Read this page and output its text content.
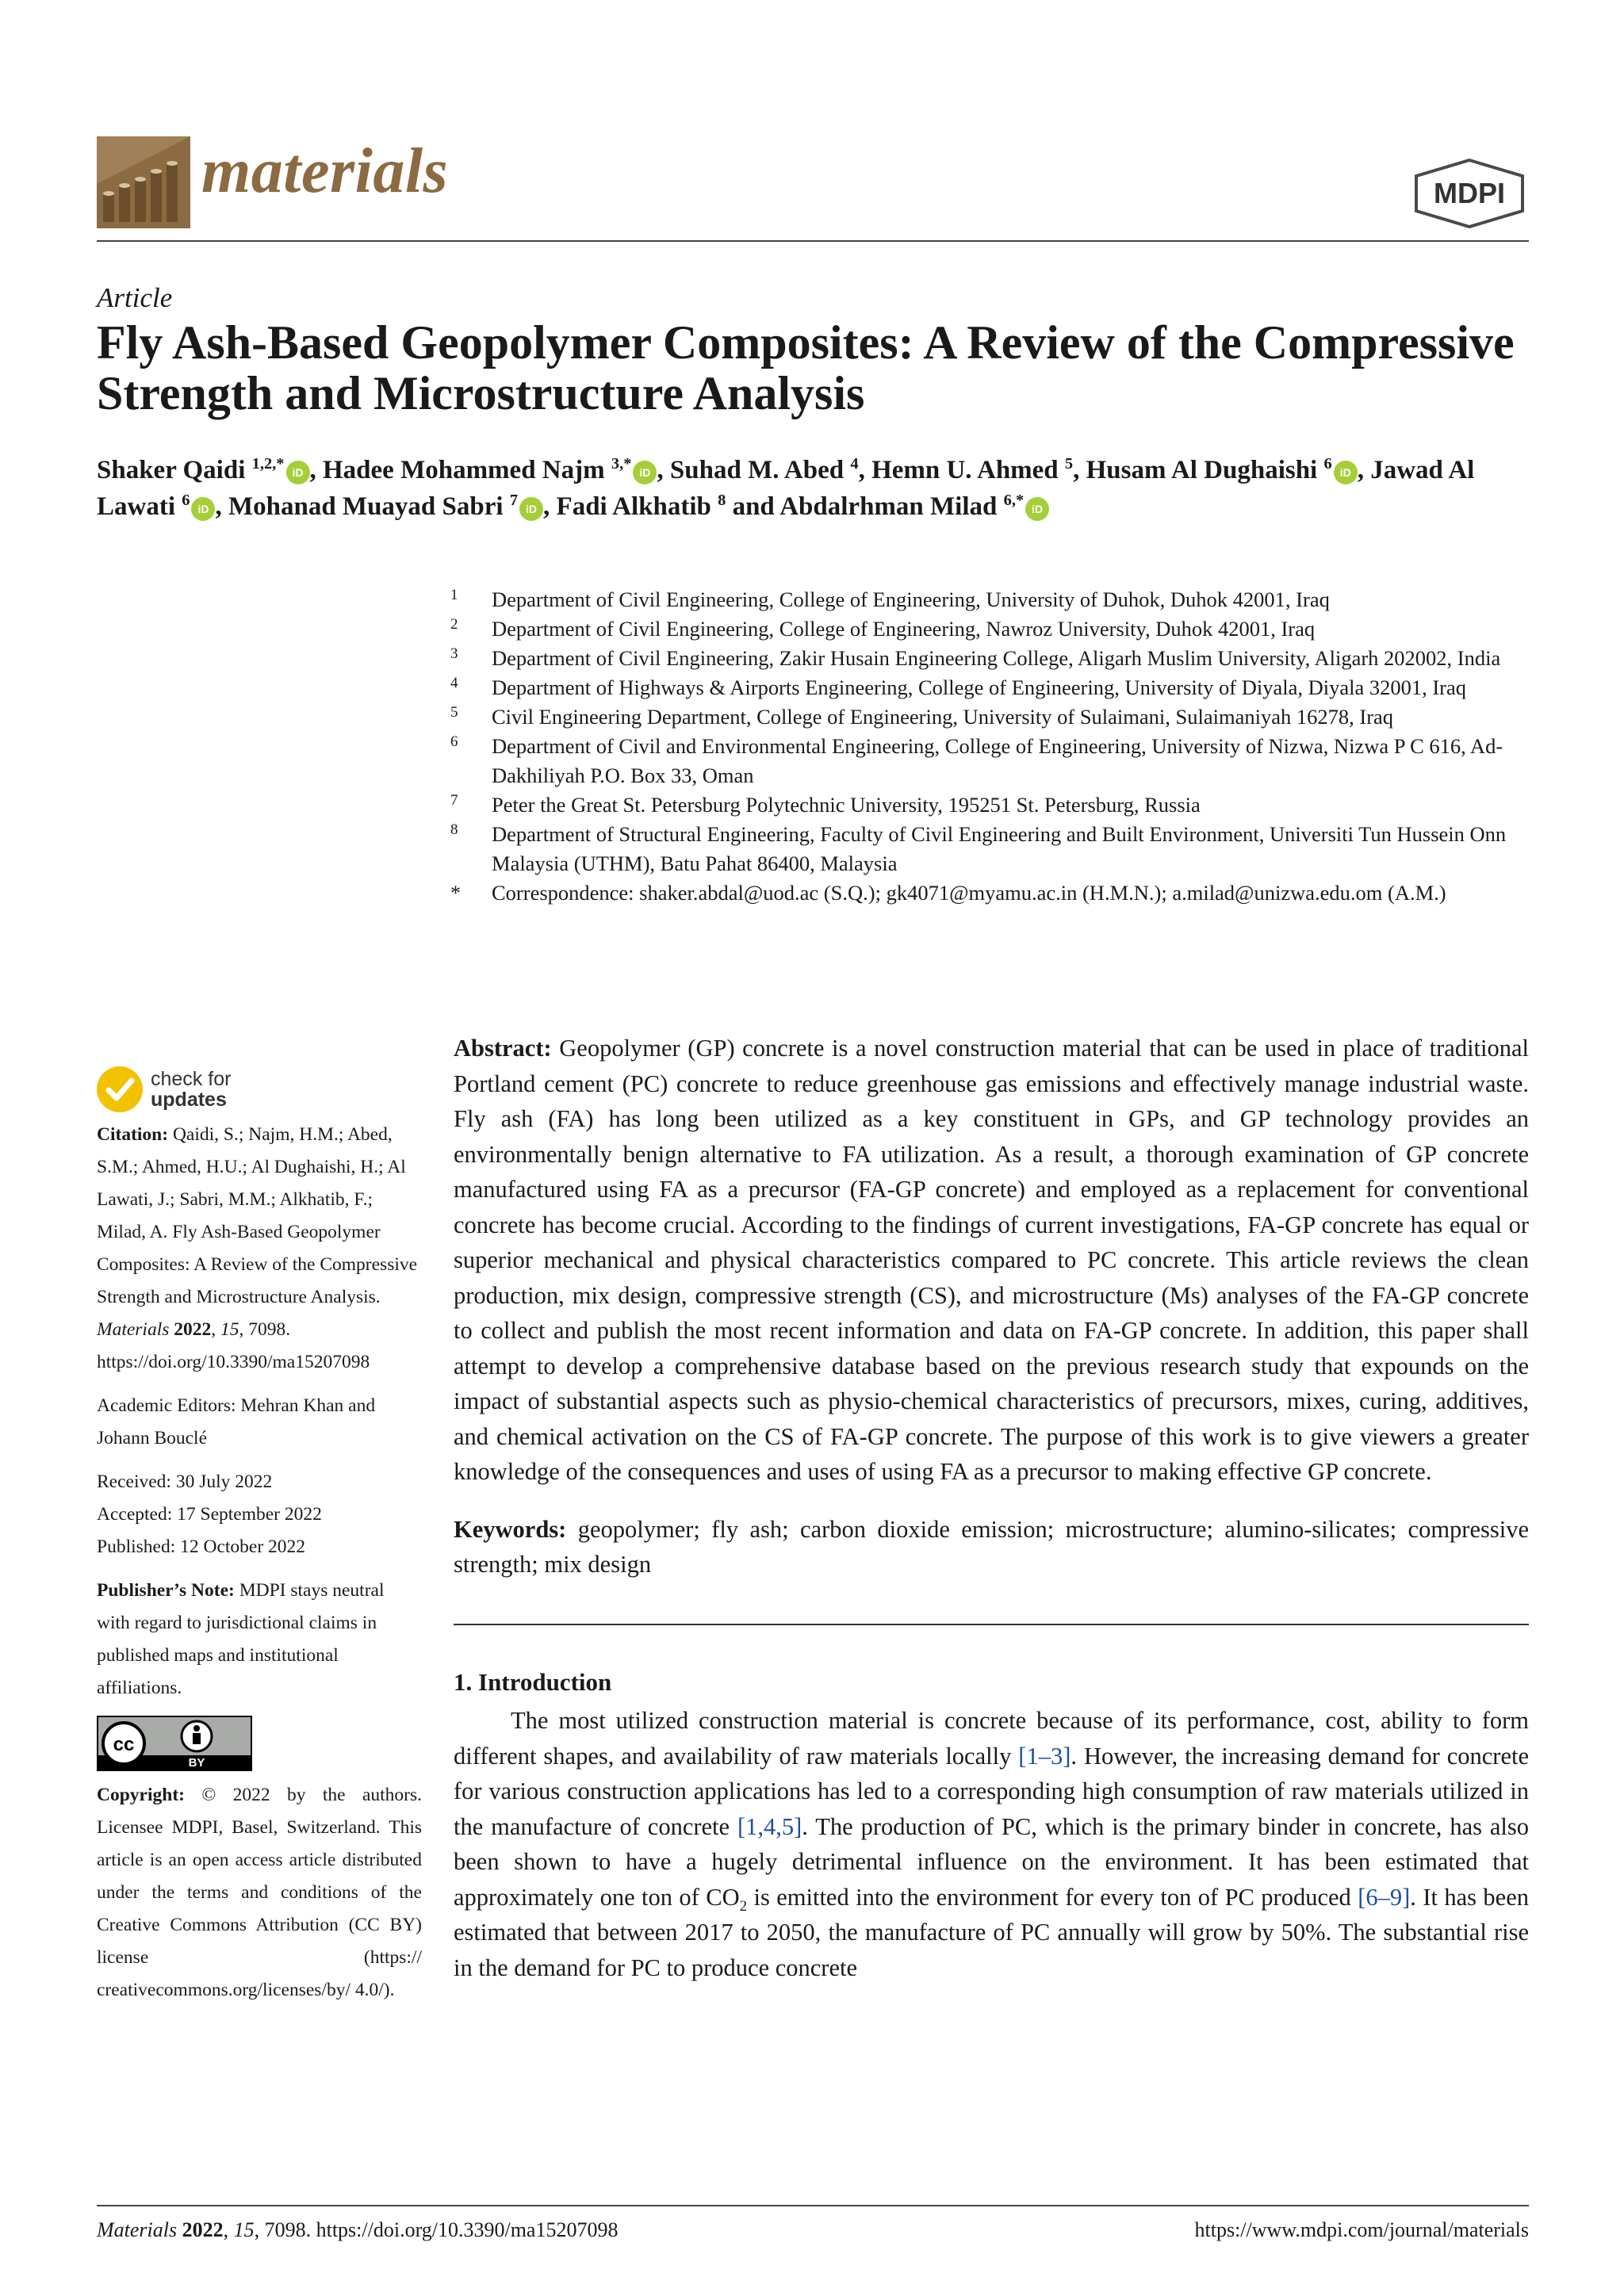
materials	MDPI
Article
Fly Ash-Based Geopolymer Composites: A Review of the Compressive Strength and Microstructure Analysis
Shaker Qaidi $^{1,2,*}$ iD , Hadee Mohammed Najm $^{3,*}$ iD , Suhad M. Abed $^4$, Hemn U. Ahmed $^5$, Husam Al Dughaishi $^6$ iD , Jawad Al Lawati $^6$ iD , Mohanad Muayad Sabri $^7$ iD , Fadi Alkhatib $^8$ and Abdalrhman Milad $^{6,*}$ iD
1 Department of Civil Engineering, College of Engineering, University of Duhok, Duhok 42001, Iraq
2 Department of Civil Engineering, College of Engineering, Nawroz University, Duhok 42001, Iraq
3 Department of Civil Engineering, Zakir Husain Engineering College, Aligarh Muslim University, Aligarh 202002, India
4 Department of Highways & Airports Engineering, College of Engineering, University of Diyala, Diyala 32001, Iraq
5 Civil Engineering Department, College of Engineering, University of Sulaimani, Sulaimaniyah 16278, Iraq
6 Department of Civil and Environmental Engineering, College of Engineering, University of Nizwa, Nizwa P C 616, Ad-Dakhiliyah P.O. Box 33, Oman
7 Peter the Great St. Petersburg Polytechnic University, 195251 St. Petersburg, Russia
8 Department of Structural Engineering, Faculty of Civil Engineering and Built Environment, Universiti Tun Hussein Onn Malaysia (UTHM), Batu Pahat 86400, Malaysia
* Correspondence: shaker.abdal@uod.ac (S.Q.); gk4071@myamu.ac.in (H.M.N.); a.milad@unizwa.edu.om (A.M.)
check for
updates
Citation: Qaidi, S.; Najm, H.M.; Abed, S.M.; Ahmed, H.U.; Al Dughaishi, H.; Al Lawati, J.; Sabri, M.M.; Alkhatib, F.; Milad, A. Fly Ash-Based Geopolymer Composites: A Review of the Compressive Strength and Microstructure Analysis. Materials 2022, 15, 7098. https://doi.org/10.3390/ma15207098
Academic Editors: Mehran Khan and Johann Bouclé
Received: 30 July 2022
Accepted: 17 September 2022
Published: 12 October 2022
Publisher’s Note: MDPI stays neutral with regard to jurisdictional claims in published maps and institutional affiliations.
cc
BY
Copyright: © 2022 by the authors. Licensee MDPI, Basel, Switzerland. This article is an open access article distributed under the terms and conditions of the Creative Commons Attribution (CC BY) license (https:// creativecommons.org/licenses/by/ 4.0/).
Abstract: Geopolymer (GP) concrete is a novel construction material that can be used in place of traditional Portland cement (PC) concrete to reduce greenhouse gas emissions and effectively manage industrial waste. Fly ash (FA) has long been utilized as a key constituent in GPs, and GP technology provides an environmentally benign alternative to FA utilization. As a result, a thorough examination of GP concrete manufactured using FA as a precursor (FA-GP concrete) and employed as a replacement for conventional concrete has become crucial. According to the findings of current investigations, FA-GP concrete has equal or superior mechanical and physical characteristics compared to PC concrete. This article reviews the clean production, mix design, compressive strength (CS), and microstructure (Ms) analyses of the FA-GP concrete to collect and publish the most recent information and data on FA-GP concrete. In addition, this paper shall attempt to develop a comprehensive database based on the previous research study that expounds on the impact of substantial aspects such as physio-chemical characteristics of precursors, mixes, curing, additives, and chemical activation on the CS of FA-GP concrete. The purpose of this work is to give viewers a greater knowledge of the consequences and uses of using FA as a precursor to making effective GP concrete.
Keywords: geopolymer; fly ash; carbon dioxide emission; microstructure; alumino-silicates; compressive strength; mix design
1. Introduction
The most utilized construction material is concrete because of its performance, cost, ability to form different shapes, and availability of raw materials locally [1–3]. However, the increasing demand for concrete for various construction applications has led to a corresponding high consumption of raw materials utilized in the manufacture of concrete [1,4,5]. The production of PC, which is the primary binder in concrete, has also been shown to have a hugely detrimental influence on the environment. It has been estimated that approximately one ton of $CO_2$ is emitted into the environment for every ton of PC produced [6–9]. It has been estimated that between 2017 to 2050, the manufacture of PC annually will grow by 50%. The substantial rise in the demand for PC to produce concrete
Materials 2022, 15, 7098. https://doi.org/10.3390/ma15207098	https://www.mdpi.com/journal/materials
